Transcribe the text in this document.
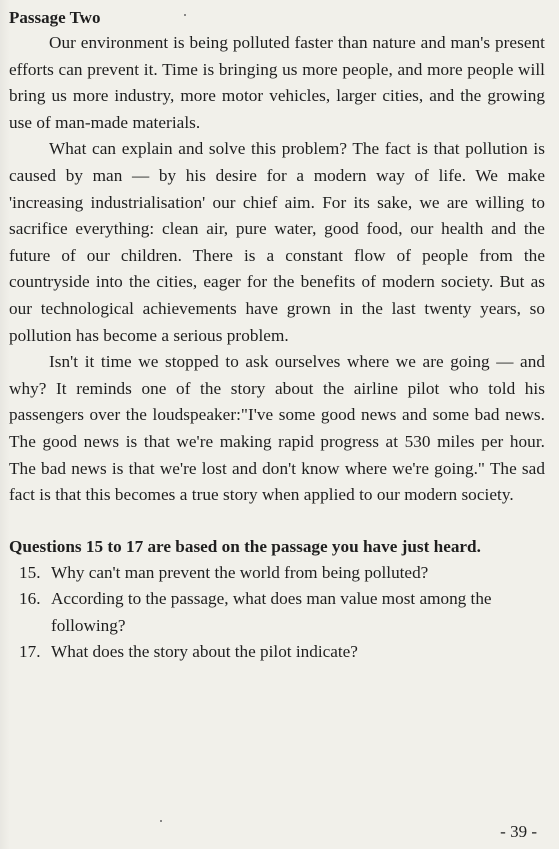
Passage Two

Our environment is being polluted faster than nature and man's present efforts can prevent it. Time is bringing us more people, and more people will bring us more industry, more motor vehicles, larger cities, and the growing use of man-made materials.

What can explain and solve this problem? The fact is that pollution is caused by man — by his desire for a modern way of life. We make 'increasing industrialisation' our chief aim. For its sake, we are willing to sacrifice everything: clean air, pure water, good food, our health and the future of our children. There is a constant flow of people from the countryside into the cities, eager for the benefits of modern society. But as our technological achievements have grown in the last twenty years, so pollution has become a serious problem.

Isn't it time we stopped to ask ourselves where we are going — and why? It reminds one of the story about the airline pilot who told his passengers over the loudspeaker:"I've some good news and some bad news. The good news is that we're making rapid progress at 530 miles per hour. The bad news is that we're lost and don't know where we're going." The sad fact is that this becomes a true story when applied to our modern society.

Questions 15 to 17 are based on the passage you have just heard.
15. Why can't man prevent the world from being polluted?
16. According to the passage, what does man value most among the following?
17. What does the story about the pilot indicate?
- 39 -
